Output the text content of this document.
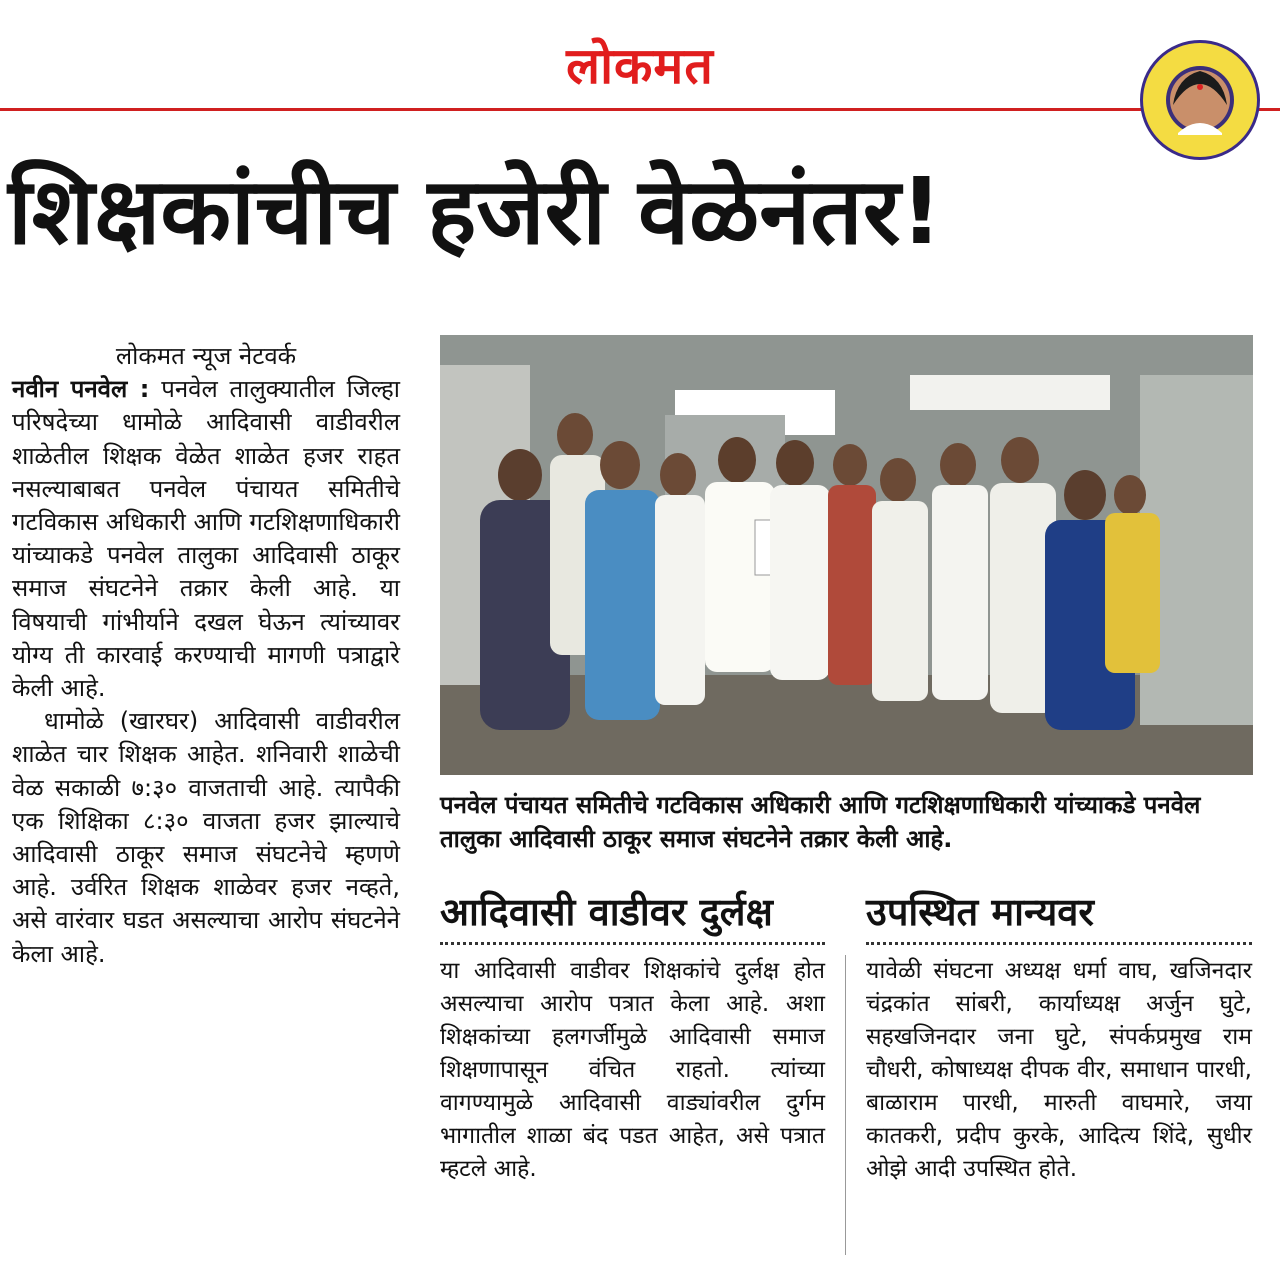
लोकमत
शिक्षकांचीच हजेरी वेळेनंतर!

लोकमत न्यूज नेटवर्क

नवीन पनवेल : पनवेल तालुक्यातील जिल्हा परिषदेच्या धामोळे आदिवासी वाडीवरील शाळेतील शिक्षक वेळेत शाळेत हजर राहत नसल्याबाबत पनवेल पंचायत समितीचे गटविकास अधिकारी आणि गटशिक्षणाधिकारी यांच्याकडे पनवेल तालुका आदिवासी ठाकूर समाज संघटनेने तक्रार केली आहे. या विषयाची गांभीर्याने दखल घेऊन त्यांच्यावर योग्य ती कारवाई करण्याची मागणी पत्राद्वारे केली आहे.

धामोळे (खारघर) आदिवासी वाडीवरील शाळेत चार शिक्षक आहेत. शनिवारी शाळेची वेळ सकाळी ७:३० वाजताची आहे. त्यापैकी एक शिक्षिका ८:३० वाजता हजर झाल्याचे आदिवासी ठाकूर समाज संघटनेचे म्हणणे आहे. उर्वरित शिक्षक शाळेवर हजर नव्हते, असे वारंवार घडत असल्याचा आरोप संघटनेने केला आहे.

पनवेल पंचायत समितीचे गटविकास अधिकारी आणि गटशिक्षणाधिकारी यांच्याकडे पनवेल तालुका आदिवासी ठाकूर समाज संघटनेने तक्रार केली आहे.
आदिवासी वाडीवर दुर्लक्ष	उपस्थित मान्यवर

या आदिवासी वाडीवर शिक्षकांचे दुर्लक्ष होत असल्याचा आरोप पत्रात केला आहे. अशा शिक्षकांच्या हलगर्जीमुळे आदिवासी समाज शिक्षणापासून वंचित राहतो. त्यांच्या वागण्यामुळे आदिवासी वाड्यांवरील दुर्गम भागातील शाळा बंद पडत आहेत, असे पत्रात म्हटले आहे.

यावेळी संघटना अध्यक्ष धर्मा वाघ, खजिनदार चंद्रकांत सांबरी, कार्याध्यक्ष अर्जुन घुटे, सहखजिनदार जना घुटे, संपर्कप्रमुख राम चौधरी, कोषाध्यक्ष दीपक वीर, समाधान पारधी, बाळाराम पारधी, मारुती वाघमारे, जया कातकरी, प्रदीप कुरके, आदित्य शिंदे, सुधीर ओझे आदी उपस्थित होते.
